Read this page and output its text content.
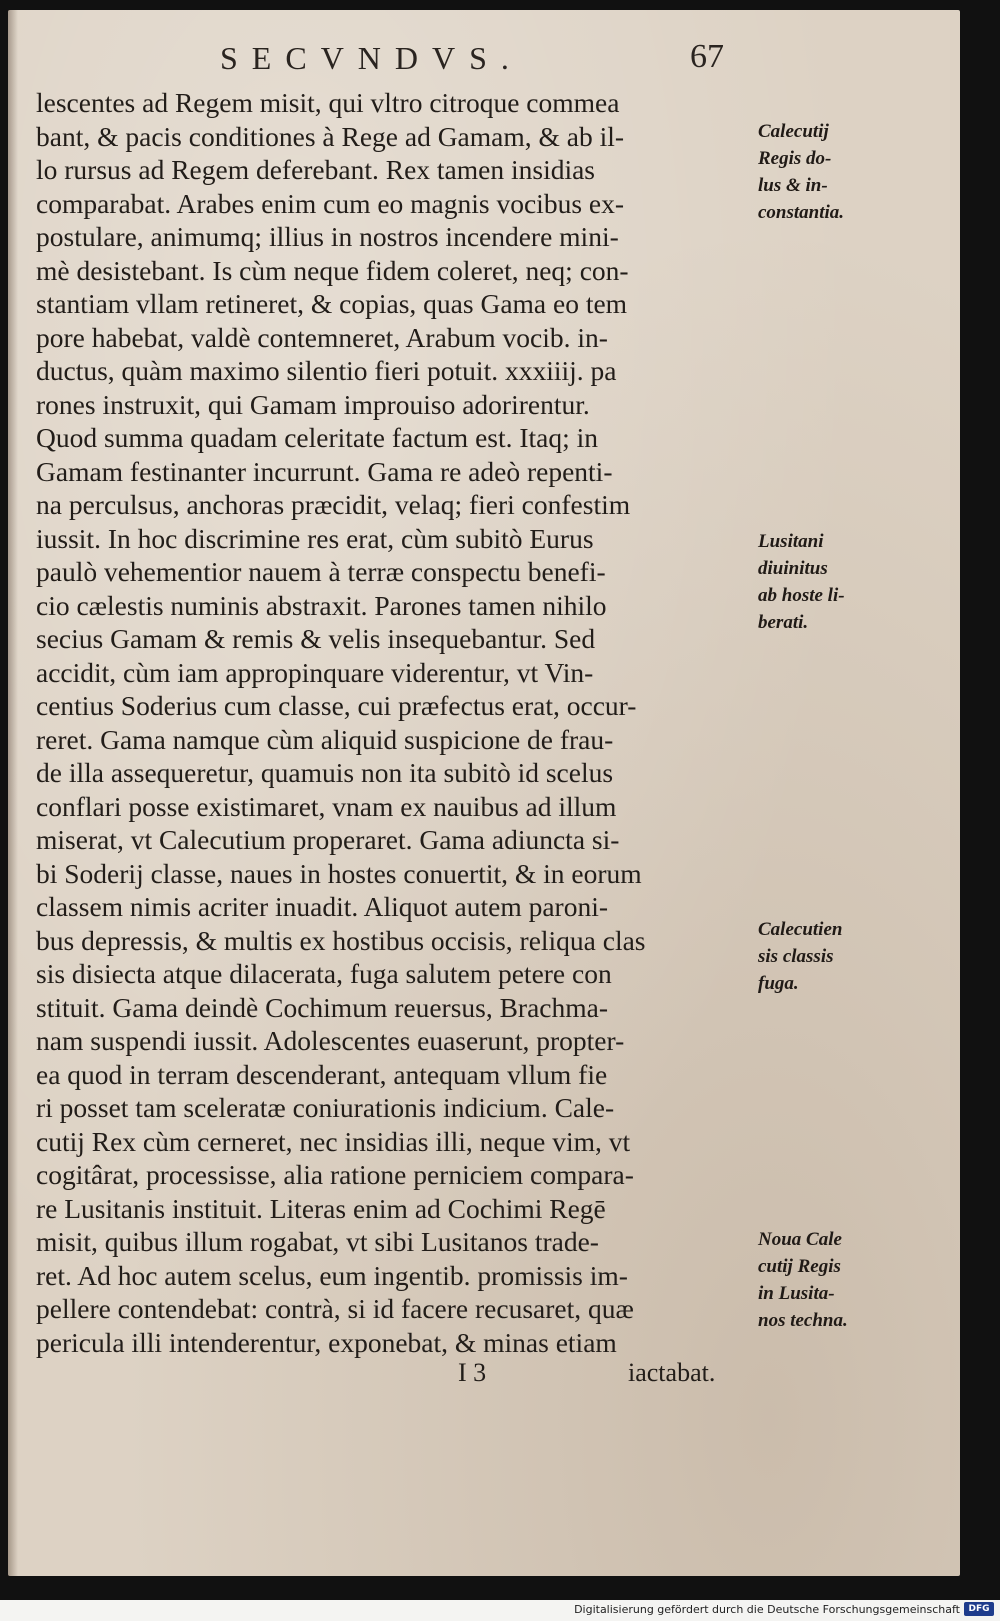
SECVNDVS.	67
lescentes ad Regem misit, qui vltro citroque commea
bant, & pacis conditiones à Rege ad Gamam, & ab il-
lo rursus ad Regem deferebant. Rex tamen insidias
comparabat. Arabes enim cum eo magnis vocibus ex-
postulare, animumq; illius in nostros incendere mini-
mè desistebant. Is cùm neque fidem coleret, neq; con-
stantiam vllam retineret, & copias, quas Gama eo tem
pore habebat, valdè contemneret, Arabum vocib. in-
ductus, quàm maximo silentio fieri potuit. xxxiiij. pa
rones instruxit, qui Gamam improuiso adorirentur.
Quod summa quadam celeritate factum est. Itaq; in
Gamam festinanter incurrunt. Gama re adeò repenti-
na perculsus, anchoras præcidit, velaq; fieri confestim
iussit. In hoc discrimine res erat, cùm subitò Eurus
paulò vehementior nauem à terræ conspectu benefi-
cio cælestis numinis abstraxit. Parones tamen nihilo
secius Gamam & remis & velis insequebantur. Sed
accidit, cùm iam appropinquare viderentur, vt Vin-
centius Soderius cum classe, cui præfectus erat, occur-
reret. Gama namque cùm aliquid suspicione de frau-
de illa assequeretur, quamuis non ita subitò id scelus
conflari posse existimaret, vnam ex nauibus ad illum
miserat, vt Calecutium properaret. Gama adiuncta si-
bi Soderij classe, naues in hostes conuertit, & in eorum
classem nimis acriter inuadit. Aliquot autem paroni-
bus depressis, & multis ex hostibus occisis, reliqua clas
sis disiecta atque dilacerata, fuga salutem petere con
stituit. Gama deindè Cochimum reuersus, Brachma-
nam suspendi iussit. Adolescentes euaserunt, propter-
ea quod in terram descenderant, antequam vllum fie
ri posset tam sceleratæ coniurationis indicium. Cale-
cutij Rex cùm cerneret, nec insidias illi, neque vim, vt
cogitârat, processisse, alia ratione perniciem compara-
re Lusitanis instituit. Literas enim ad Cochimi Regē
misit, quibus illum rogabat, vt sibi Lusitanos trade-
ret. Ad hoc autem scelus, eum ingentib. promissis im-
pellere contendebat: contrà, si id facere recusaret, quæ
pericula illi intenderentur, exponebat, & minas etiam
Calecutij
Regis do-
lus & in-
constantia.
Lusitani
diuinitus
ab hoste li-
berati.
Calecutien
sis classis
fuga.
Noua Cale
cutij Regis
in Lusita-
nos techna.
I 3	iactabat.
Digitalisierung gefördert durch die Deutsche Forschungsgemeinschaft DFG
